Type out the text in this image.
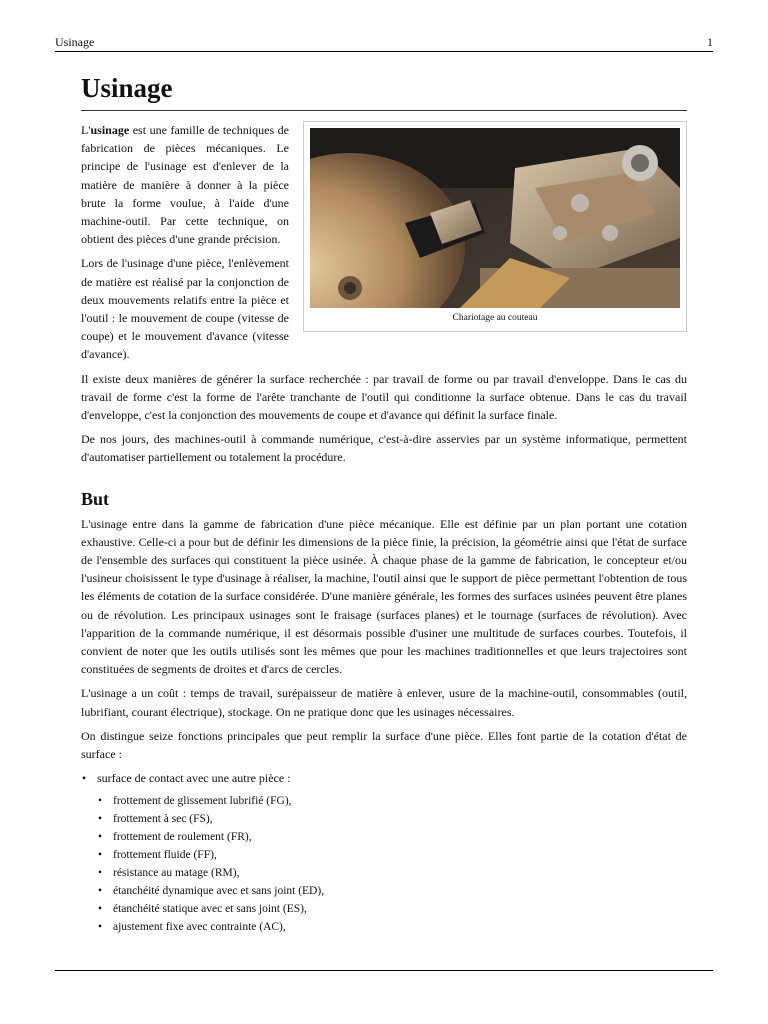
Usinage	1
Usinage
Chariotage au couteau

L'usinage est une famille de techniques de fabrication de pièces mécaniques. Le principe de l'usinage est d'enlever de la matière de manière à donner à la pièce brute la forme voulue, à l'aide d'une machine-outil. Par cette technique, on obtient des pièces d'une grande précision.

Lors de l'usinage d'une pièce, l'enlèvement de matière est réalisé par la conjonction de deux mouvements relatifs entre la pièce et l'outil : le mouvement de coupe (vitesse de coupe) et le mouvement d'avance (vitesse d'avance).

Il existe deux manières de générer la surface recherchée : par travail de forme ou par travail d'enveloppe. Dans le cas du travail de forme c'est la forme de l'arête tranchante de l'outil qui conditionne la surface obtenue. Dans le cas du travail d'enveloppe, c'est la conjonction des mouvements de coupe et d'avance qui définit la surface finale.

De nos jours, des machines-outil à commande numérique, c'est-à-dire asservies par un système informatique, permettent d'automatiser partiellement ou totalement la procédure.

But

L'usinage entre dans la gamme de fabrication d'une pièce mécanique. Elle est définie par un plan portant une cotation exhaustive. Celle-ci a pour but de définir les dimensions de la pièce finie, la précision, la géométrie ainsi que l'état de surface de l'ensemble des surfaces qui constituent la pièce usinée. À chaque phase de la gamme de fabrication, le concepteur et/ou l'usineur choisissent le type d'usinage à réaliser, la machine, l'outil ainsi que le support de pièce permettant l'obtention de tous les éléments de cotation de la surface considérée. D'une manière générale, les formes des surfaces usinées peuvent être planes ou de révolution. Les principaux usinages sont le fraisage (surfaces planes) et le tournage (surfaces de révolution). Avec l'apparition de la commande numérique, il est désormais possible d'usiner une multitude de surfaces courbes. Toutefois, il convient de noter que les outils utilisés sont les mêmes que pour les machines traditionnelles et que leurs trajectoires sont constituées de segments de droites et d'arcs de cercles.

L'usinage a un coût : temps de travail, surépaisseur de matière à enlever, usure de la machine-outil, consommables (outil, lubrifiant, courant électrique), stockage. On ne pratique donc que les usinages nécessaires.

On distingue seize fonctions principales que peut remplir la surface d'une pièce. Elles font partie de la cotation d'état de surface :

• surface de contact avec une autre pièce :
• frottement de glissement lubrifié (FG),
• frottement à sec (FS),
• frottement de roulement (FR),
• frottement fluide (FF),
• résistance au matage (RM),
• étanchéité dynamique avec et sans joint (ED),
• étanchéité statique avec et sans joint (ES),
• ajustement fixe avec contrainte (AC),
